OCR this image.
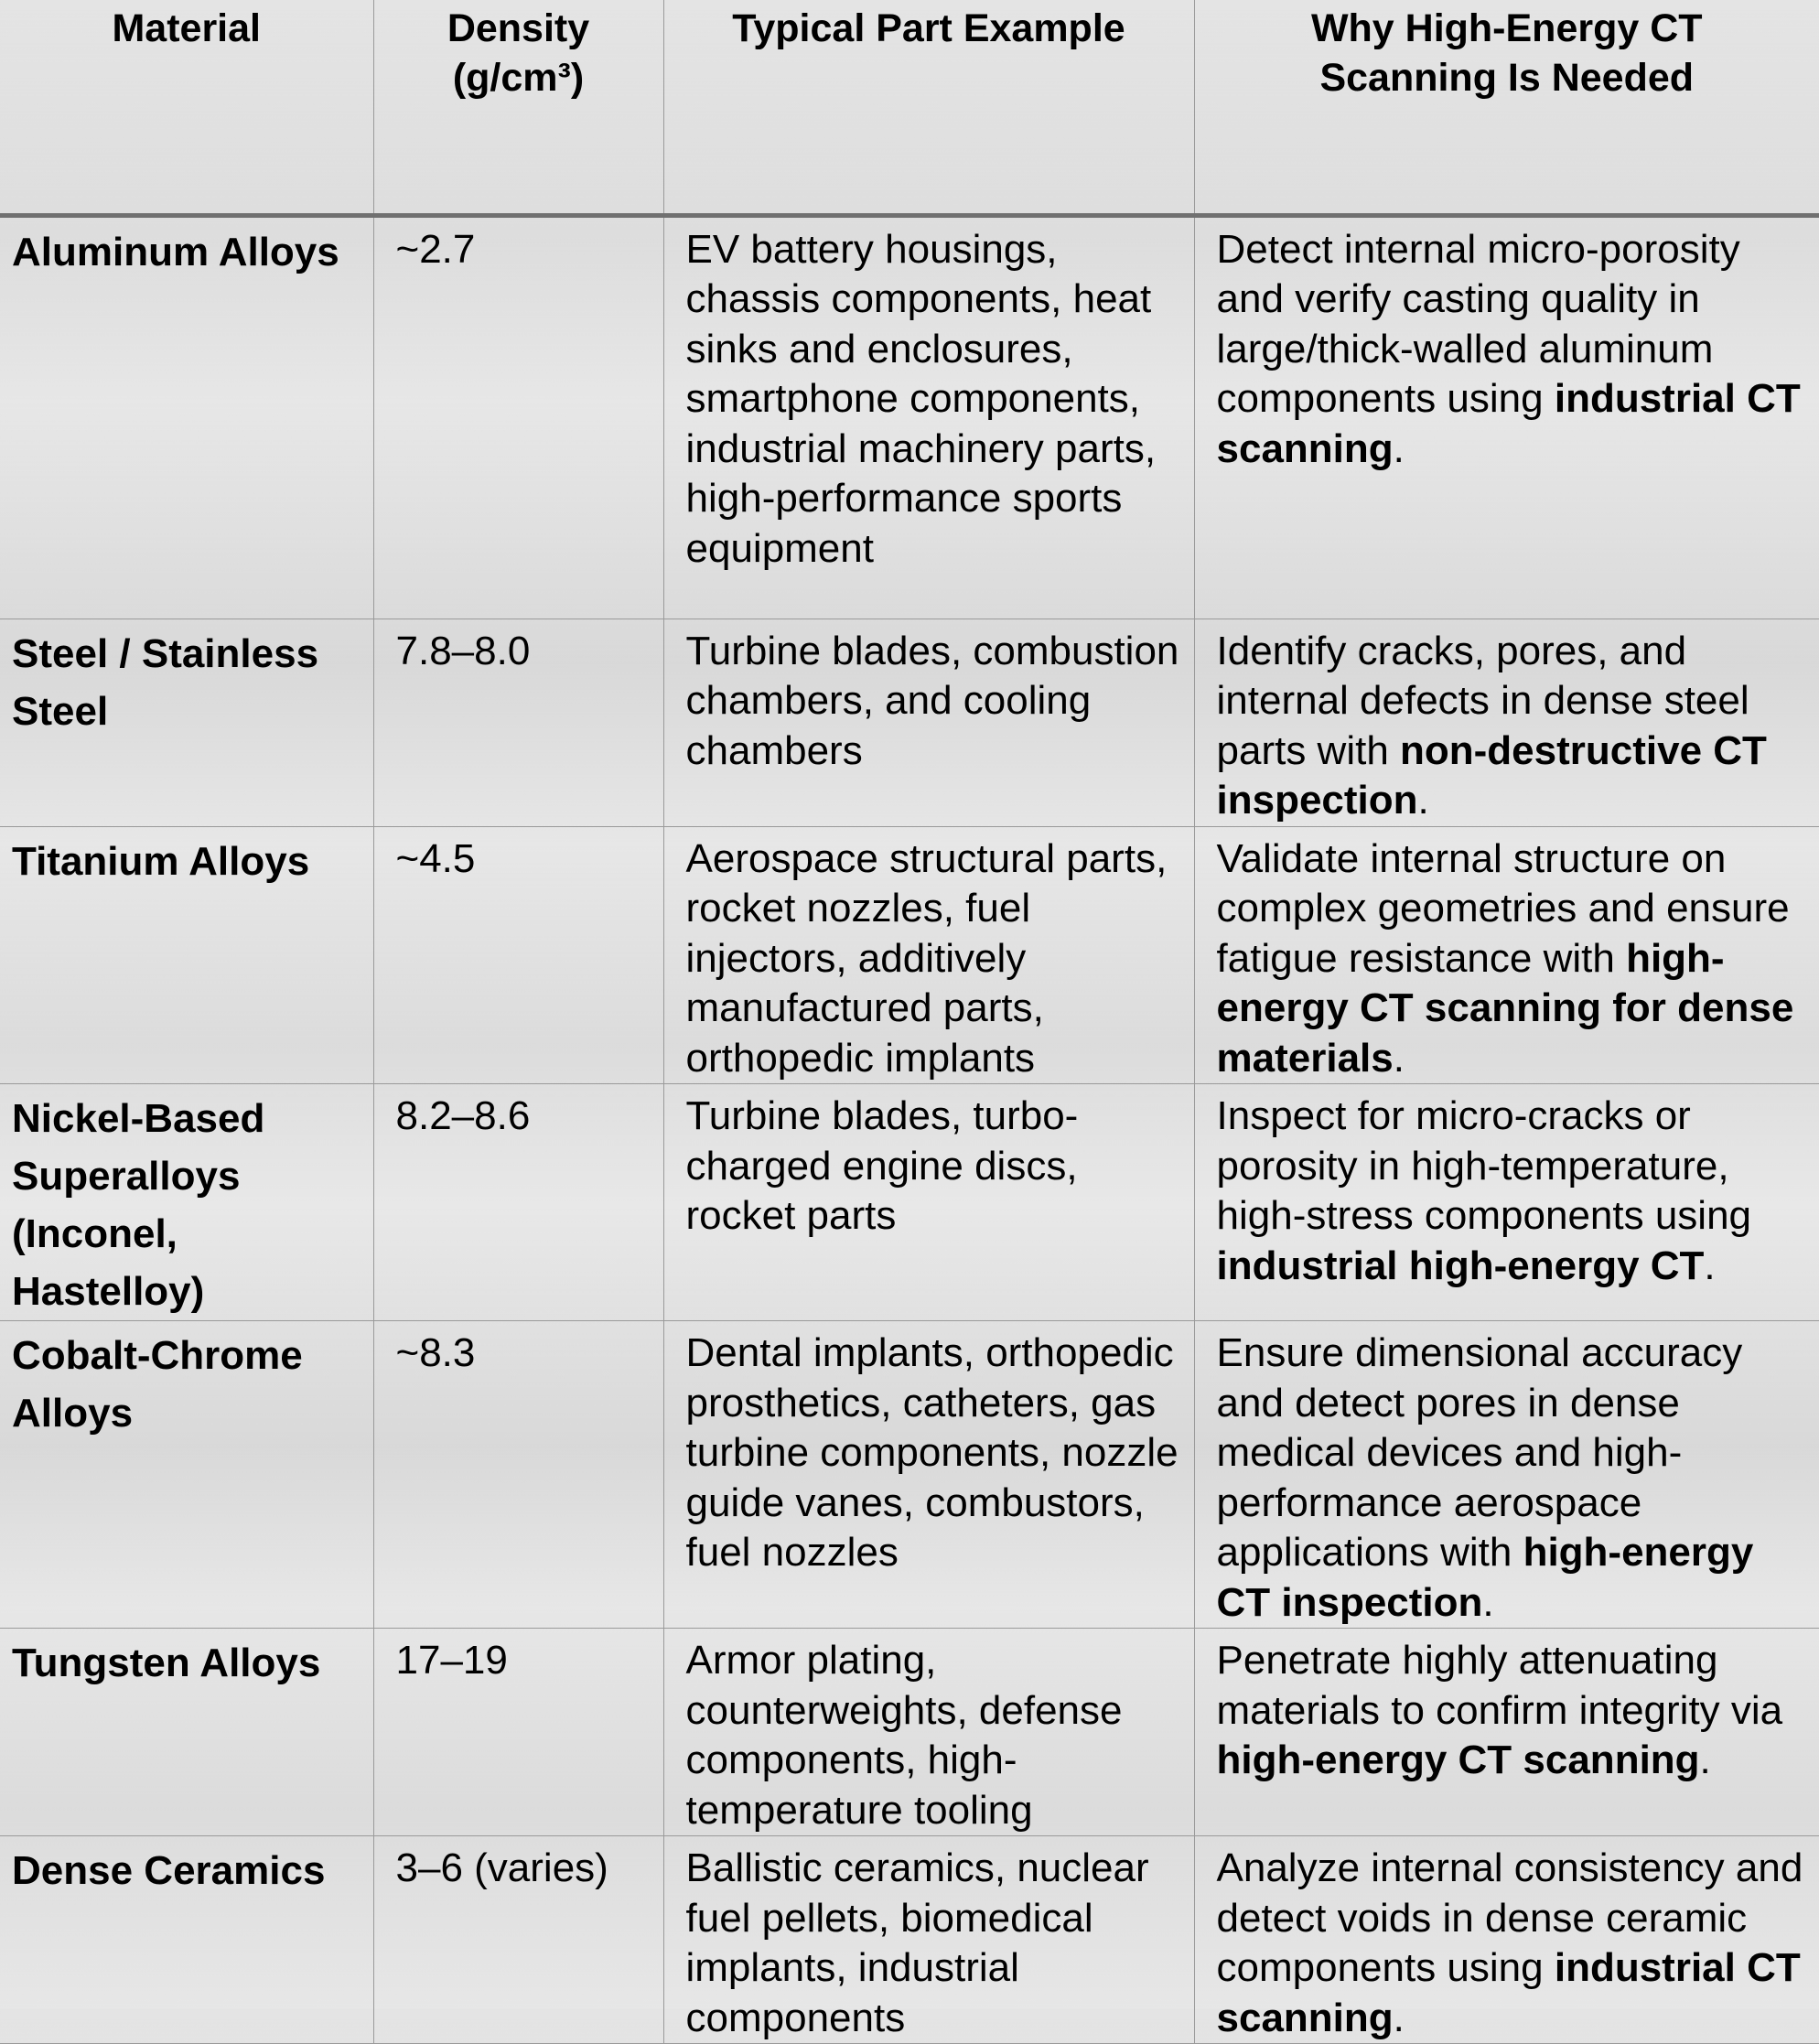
Material	Density (g/cm³)	Typical Part Example	Why High-Energy CT Scanning Is Needed
Aluminum Alloys	~2.7	EV battery housings, chassis components, heat sinks and enclosures, smartphone components, industrial machinery parts, high-performance sports equipment	Detect internal micro-porosity and verify casting quality in large/thick-walled aluminum components using industrial CT scanning.
Steel / Stainless Steel	7.8–8.0	Turbine blades, combustion chambers, and cooling chambers	Identify cracks, pores, and internal defects in dense steel parts with non-destructive CT inspection.
Titanium Alloys	~4.5	Aerospace structural parts, rocket nozzles, fuel injectors, additively manufactured parts, orthopedic implants	Validate internal structure on complex geometries and ensure fatigue resistance with high-energy CT scanning for dense materials.
Nickel-Based Superalloys (Inconel, Hastelloy)	8.2–8.6	Turbine blades, turbo-charged engine discs, rocket parts	Inspect for micro-cracks or porosity in high-temperature, high-stress components using industrial high-energy CT.
Cobalt-Chrome Alloys	~8.3	Dental implants, orthopedic prosthetics, catheters, gas turbine components, nozzle guide vanes, combustors, fuel nozzles	Ensure dimensional accuracy and detect pores in dense medical devices and high-performance aerospace applications with high-energy CT inspection.
Tungsten Alloys	17–19	Armor plating, counterweights, defense components, high-temperature tooling	Penetrate highly attenuating materials to confirm integrity via high-energy CT scanning.
Dense Ceramics	3–6 (varies)	Ballistic ceramics, nuclear fuel pellets, biomedical implants, industrial components	Analyze internal consistency and detect voids in dense ceramic components using industrial CT scanning.
